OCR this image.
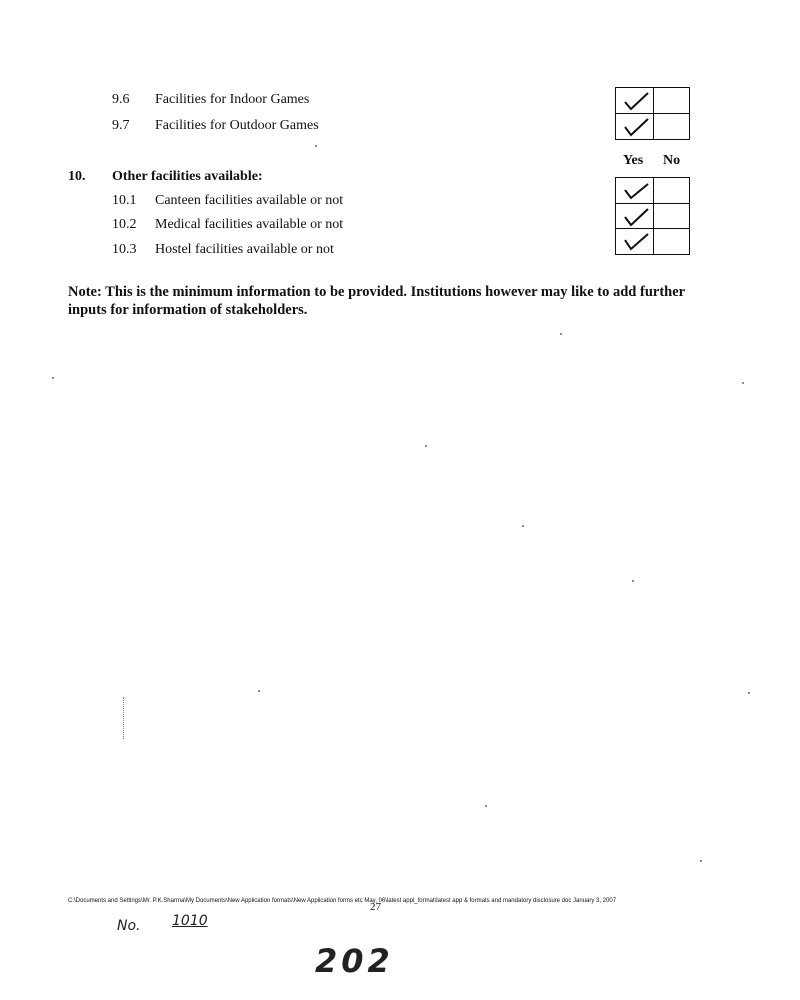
9.6 Facilities for Indoor Games
9.7 Facilities for Outdoor Games
Yes No
10. Other facilities available:
10.1 Canteen facilities available or not
10.2 Medical facilities available or not
10.3 Hostel facilities available or not
Note: This is the minimum information to be provided. Institutions however may like to add further inputs for information of stakeholders.
C:\Documents and Settings\Mr. P.K.Sharma\My Documents\New Application formats\New Application forms etc May, 06\latest appl_format\latest app & formats and mandatory disclosure doc January 3, 2007
27
No. 1010
202
